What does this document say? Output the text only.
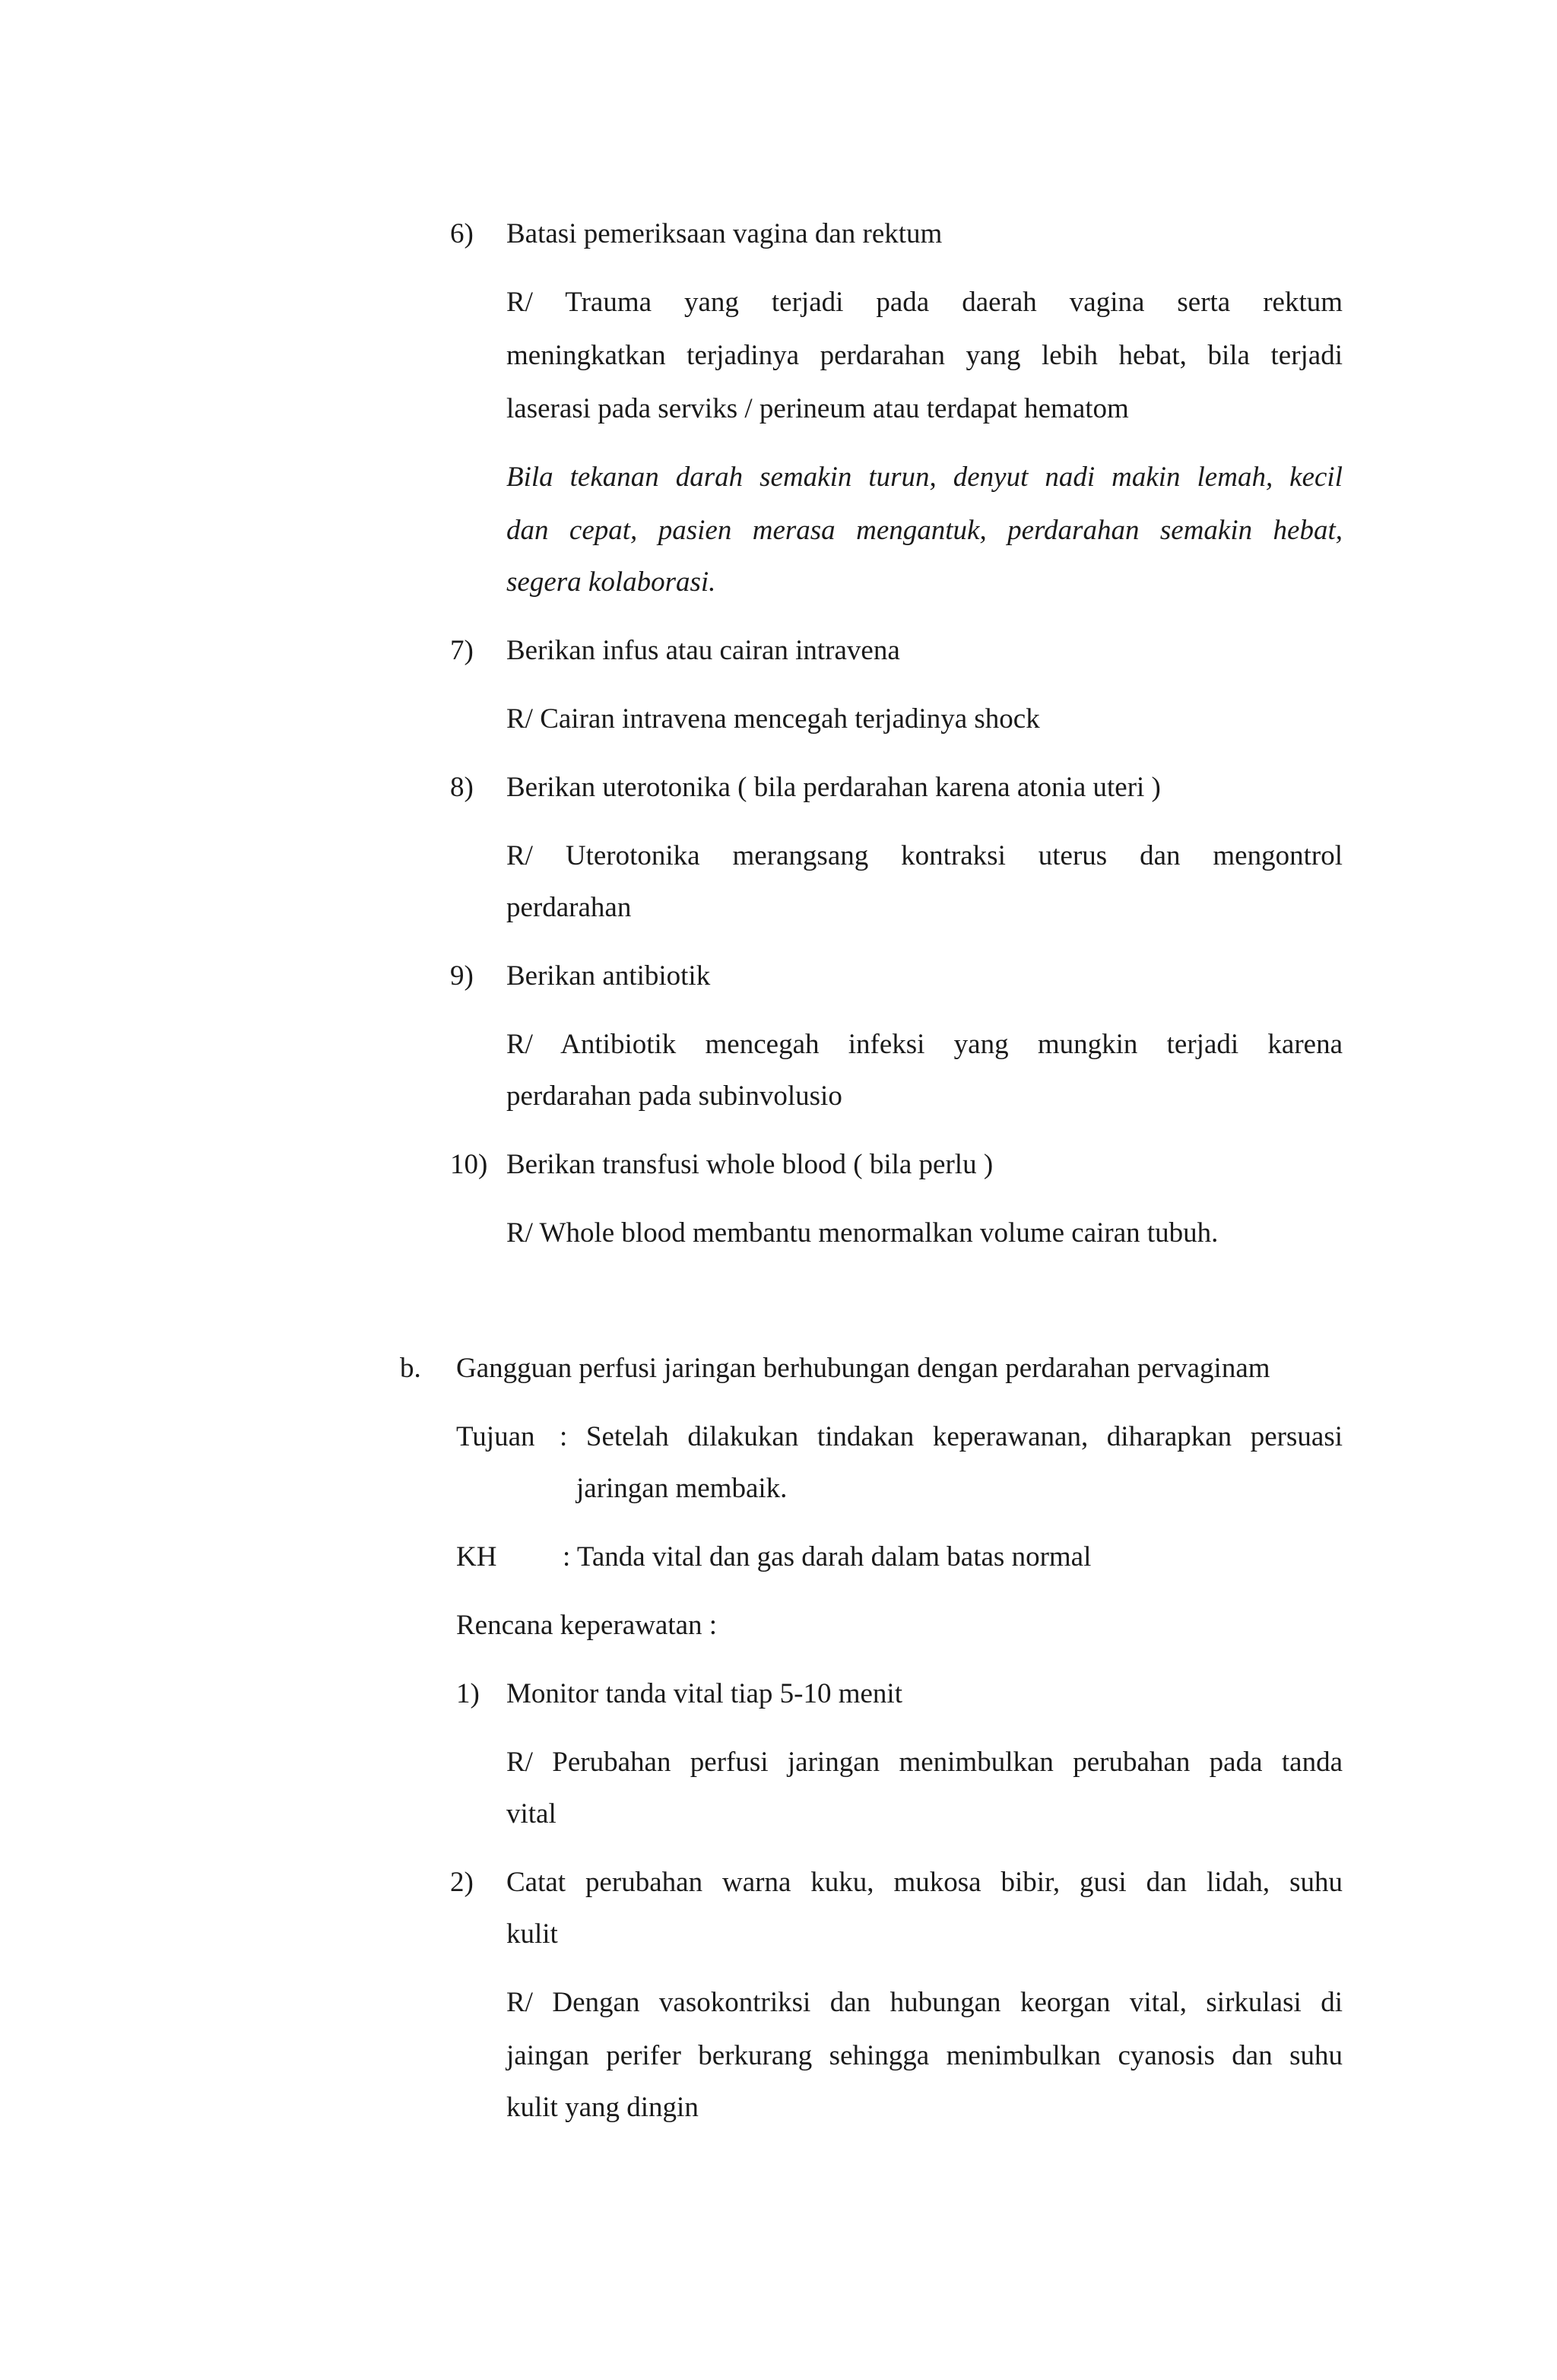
6) Batasi pemeriksaan vagina dan rektum
R/ Trauma yang terjadi pada daerah vagina serta rektum
meningkatkan terjadinya perdarahan yang lebih hebat, bila terjadi
laserasi pada serviks / perineum atau terdapat hematom
Bila tekanan darah semakin turun, denyut nadi makin lemah, kecil
dan cepat, pasien merasa mengantuk, perdarahan semakin hebat,
segera kolaborasi.
7) Berikan infus atau cairan intravena
R/ Cairan intravena mencegah terjadinya shock
8) Berikan uterotonika ( bila perdarahan karena atonia uteri )
R/ Uterotonika merangsang kontraksi uterus dan mengontrol
perdarahan
9) Berikan antibiotik
R/ Antibiotik mencegah infeksi yang mungkin terjadi karena
perdarahan pada subinvolusio
10) Berikan transfusi whole blood ( bila perlu )
R/ Whole blood membantu menormalkan volume cairan tubuh.
b. Gangguan perfusi jaringan berhubungan dengan perdarahan pervaginam
Tujuan : Setelah dilakukan tindakan keperawanan, diharapkan persuasi
jaringan membaik.
KH : Tanda vital dan gas darah dalam batas normal
Rencana keperawatan :
1) Monitor tanda vital tiap 5-10 menit
R/ Perubahan perfusi jaringan menimbulkan perubahan pada tanda
vital
2) Catat perubahan warna kuku, mukosa bibir, gusi dan lidah, suhu
kulit
R/ Dengan vasokontriksi dan hubungan keorgan vital, sirkulasi di
jaingan perifer berkurang sehingga menimbulkan cyanosis dan suhu
kulit yang dingin
